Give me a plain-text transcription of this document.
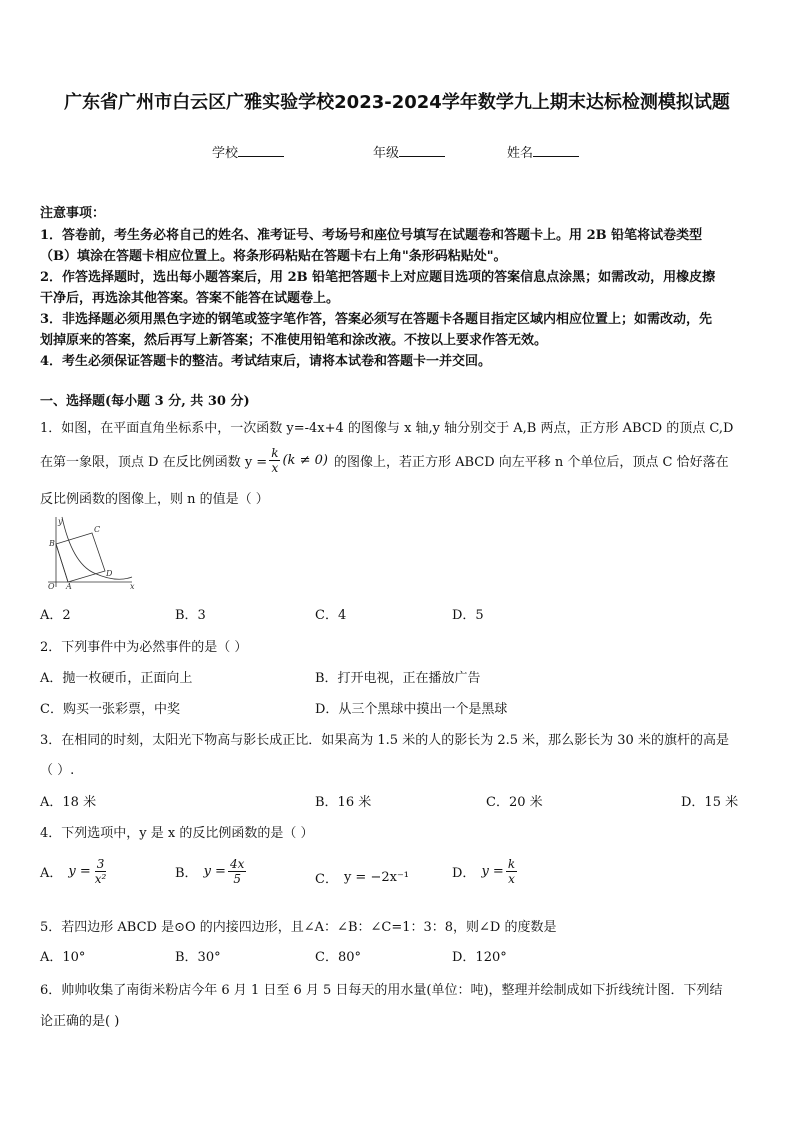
广东省广州市白云区广雅实验学校2023-2024学年数学九上期末达标检测模拟试题
学校	年级	姓名
注意事项：
1．答卷前，考生务必将自己的姓名、准考证号、考场号和座位号填写在试题卷和答题卡上。用 2B 铅笔将试卷类型
（B）填涂在答题卡相应位置上。将条形码粘贴在答题卡右上角"条形码粘贴处"。
2．作答选择题时，选出每小题答案后，用 2B 铅笔把答题卡上对应题目选项的答案信息点涂黑；如需改动，用橡皮擦
干净后，再选涂其他答案。答案不能答在试题卷上。
3．非选择题必须用黑色字迹的钢笔或签字笔作答，答案必须写在答题卡各题目指定区域内相应位置上；如需改动，先
划掉原来的答案，然后再写上新答案；不准使用铅笔和涂改液。不按以上要求作答无效。
4．考生必须保证答题卡的整洁。考试结束后，请将本试卷和答题卡一并交回。
一、选择题(每小题 3 分, 共 30 分)
1．如图，在平面直角坐标系中，一次函数 y=-4x+4 的图像与 x 轴,y 轴分别交于 A,B 两点，正方形 ABCD 的顶点 C,D
在第一象限，顶点 D 在反比例函数 $y = \frac{k}{x} (k \ne 0)$ 的图像上，若正方形 ABCD 向左平移 n 个单位后，顶点 C 恰好落在
反比例函数的图像上，则 n 的值是（ ）
y
x
O A
B
C
D
A．2	B．3	C．4	D．5
2．下列事件中为必然事件的是（ ）
A．抛一枚硬币，正面向上	B．打开电视，正在播放广告
C．购买一张彩票，中奖	D．从三个黑球中摸出一个是黑球
3．在相同的时刻，太阳光下物高与影长成正比．如果高为 1.5 米的人的影长为 2.5 米，那么影长为 30 米的旗杆的高是
（ ）.
A．18 米	B．16 米	C．20 米	D．15 米
4．下列选项中，y 是 x 的反比例函数的是（ ）
A． $y = \frac{3}{\text{x²}}$	B． $y = \frac{4x}{5}$	C． y = −2x⁻¹	D． $y = \frac{k}{x}$
5．若四边形 ABCD 是⊙O 的内接四边形，且∠A：∠B：∠C=1：3：8，则∠D 的度数是
A．10°	B．30°	C．80°	D．120°
6．帅帅收集了南街米粉店今年 6 月 1 日至 6 月 5 日每天的用水量(单位：吨)，整理并绘制成如下折线统计图．下列结
论正确的是( )
